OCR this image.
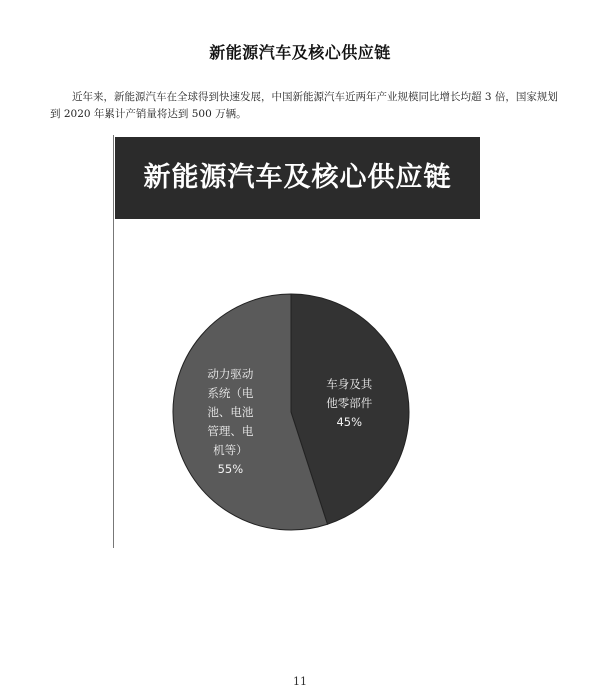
新能源汽车及核心供应链

近年来，新能源汽车在全球得到快速发展，中国新能源汽车近两年产业规模同比增长均超 3 倍，国家规划到 2020 年累计产销量将达到 500 万辆。

新能源汽车及核心供应链
车身及其他零部件 45%
动力驱动系统（电池、电池管理、电机等） 55%
11
